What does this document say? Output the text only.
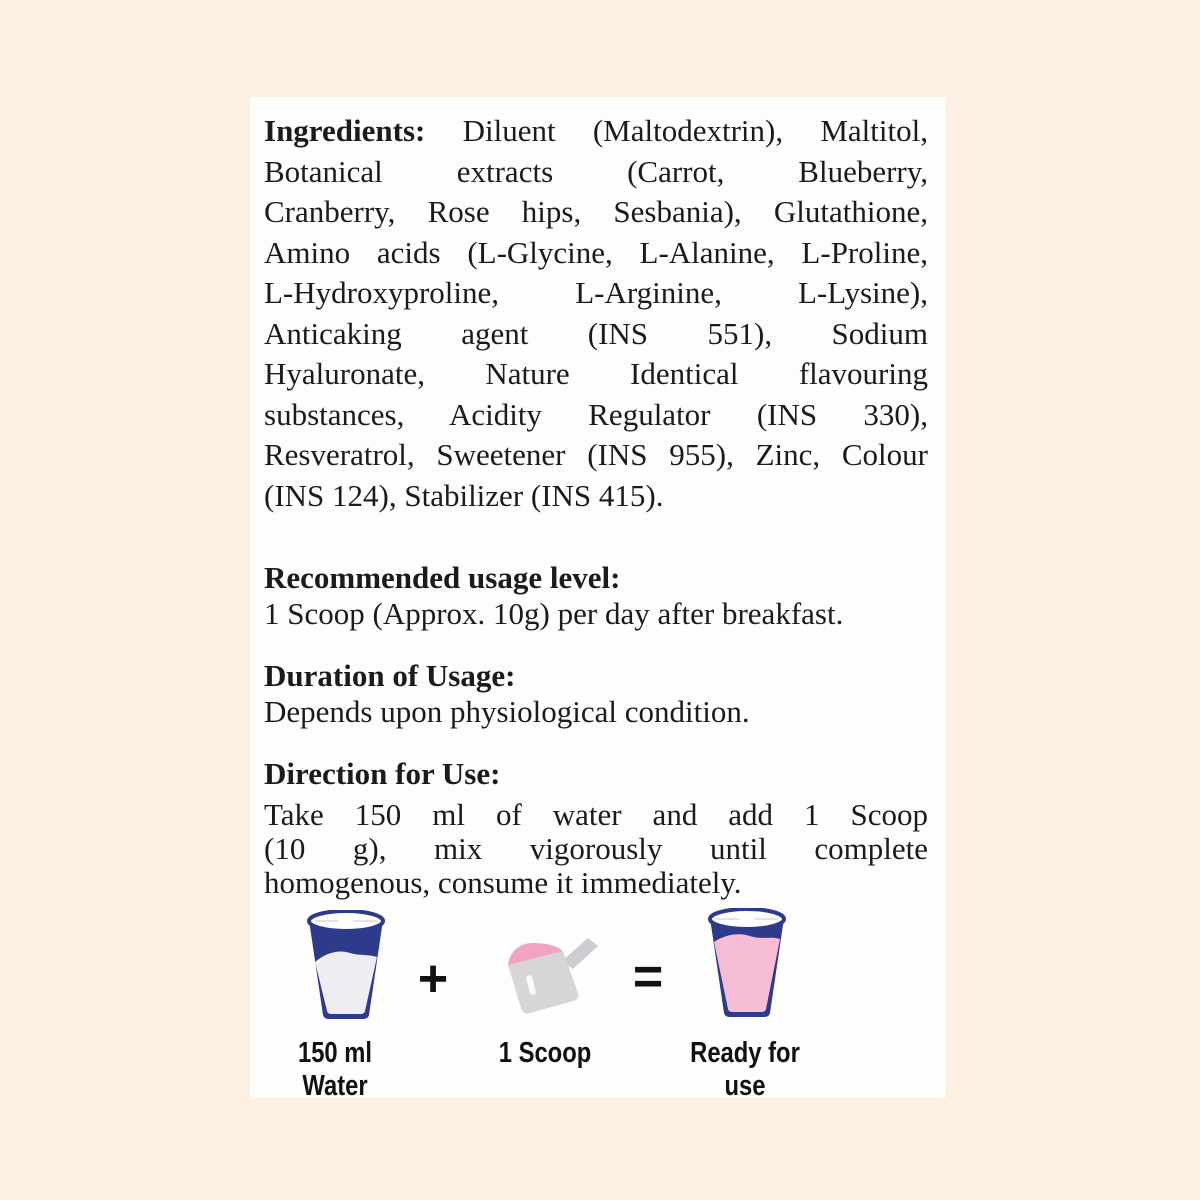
Ingredients: Diluent (Maltodextrin), Maltitol,
Botanical extracts (Carrot, Blueberry,
Cranberry, Rose hips, Sesbania), Glutathione,
Amino acids (L-Glycine, L-Alanine, L-Proline,
L-Hydroxyproline, L-Arginine, L-Lysine),
Anticaking agent (INS 551), Sodium
Hyaluronate, Nature Identical flavouring
substances, Acidity Regulator (INS 330),
Resveratrol, Sweetener (INS 955), Zinc, Colour
(INS 124), Stabilizer (INS 415).
Recommended usage level:
1 Scoop (Approx. 10g) per day after breakfast.
Duration of Usage:
Depends upon physiological condition.
Direction for Use:
Take 150 ml of water and add 1 Scoop
(10 g), mix vigorously until complete
homogenous, consume it immediately.
+	=
150 ml Water
1 Scoop	Ready for use
